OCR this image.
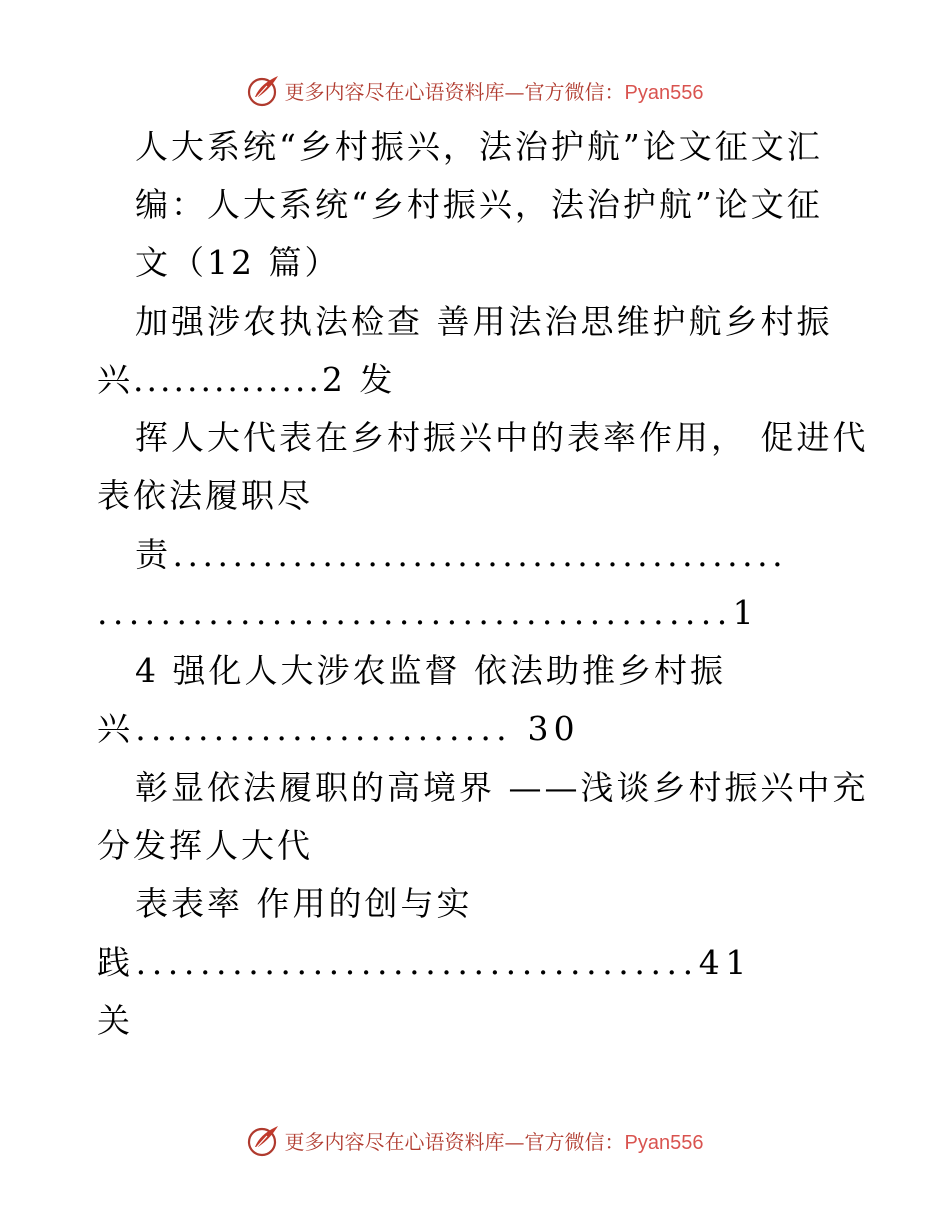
更多内容尽在心语资料库—官方微信：Pyan556
人大系统“乡村振兴，法治护航”论文征文汇
编：人大系统“乡村振兴，法治护航”论文征
文（12 篇）
加强涉农执法检查 善用法治思维护航乡村振
兴..............2 发
挥人大代表在乡村振兴中的表率作用， 促进代
表依法履职尽
责.........................................
........................................1
4 强化人大涉农监督 依法助推乡村振
兴........................ 30
彰显依法履职的高境界 ——浅谈乡村振兴中充
分发挥人大代
表表率 作用的创与实
践...................................41
关
更多内容尽在心语资料库—官方微信：Pyan556
